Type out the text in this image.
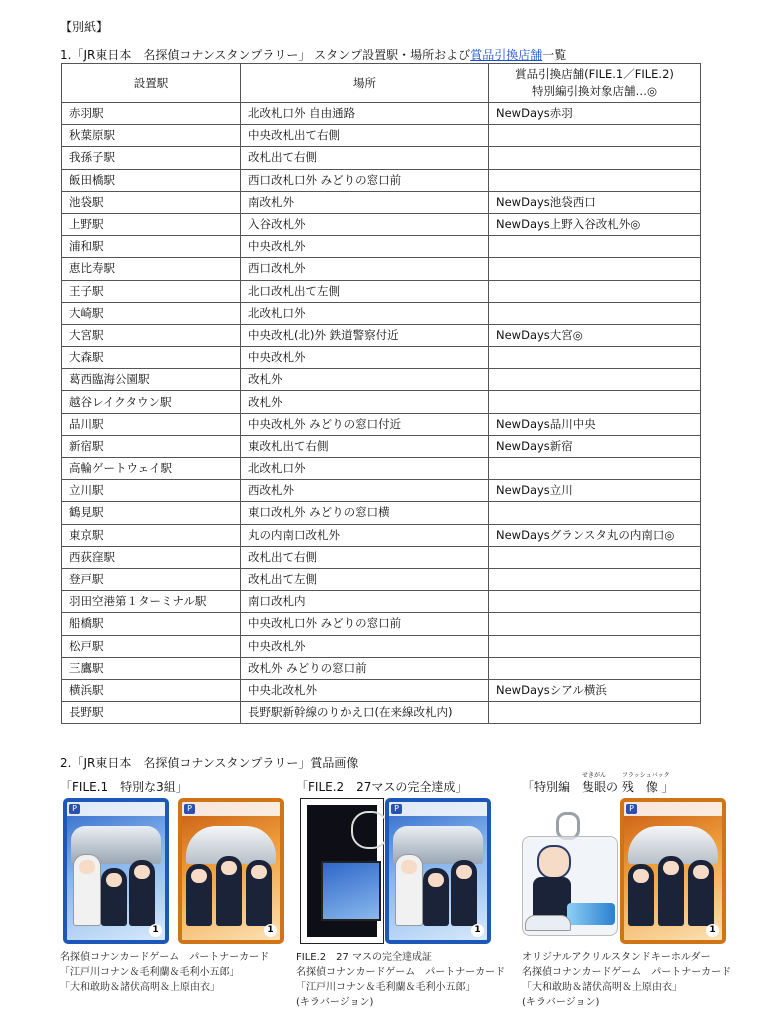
【別紙】
1.「JR東日本　名探偵コナンスタンプラリー」 スタンプ設置駅・場所および賞品引換店舗一覧
設置駅	場所	賞品引換店舗(FILE.1／FILE.2)
特別編引換対象店舗…◎

赤羽駅	北改札口外 自由通路	NewDays赤羽
秋葉原駅	中央改札出て右側	
我孫子駅	改札出て右側	
飯田橋駅	西口改札口外 みどりの窓口前	
池袋駅	南改札外	NewDays池袋西口
上野駅	入谷改札外	NewDays上野入谷改札外◎
浦和駅	中央改札外	
恵比寿駅	西口改札外	
王子駅	北口改札出て左側	
大崎駅	北改札口外	
大宮駅	中央改札(北)外 鉄道警察付近	NewDays大宮◎
大森駅	中央改札外	
葛西臨海公園駅	改札外	
越谷レイクタウン駅	改札外	
品川駅	中央改札外 みどりの窓口付近	NewDays品川中央
新宿駅	東改札出て右側	NewDays新宿
高輪ゲートウェイ駅	北改札口外	
立川駅	西改札外	NewDays立川
鶴見駅	東口改札外 みどりの窓口横	
東京駅	丸の内南口改札外	NewDaysグランスタ丸の内南口◎
西荻窪駅	改札出て右側	
登戸駅	改札出て左側	
羽田空港第１ターミナル駅	南口改札内	
船橋駅	中央改札口外 みどりの窓口前	
松戸駅	中央改札外	
三鷹駅	改札外 みどりの窓口前	
横浜駅	中央北改札外	NewDaysシアル横浜
長野駅	長野駅新幹線のりかえ口(在来線改札内)	
2.「JR東日本　名探偵コナンスタンプラリー」賞品画像
「FILE.1　特別な3組」
P
1
P
1
名探偵コナンカードゲーム　パートナーカード
「江戸川コナン＆毛利蘭＆毛利小五郎」
「大和敢助＆諸伏高明＆上原由衣」
「FILE.2　27マスの完全達成」
P
1
FILE.2　27 マスの完全達成証
名探偵コナンカードゲーム　パートナーカード
「江戸川コナン＆毛利蘭＆毛利小五郎」
(キラバージョン)
「特別編　
せきがん
隻眼の
フラッシュバック
残　像 」
P
1
オリジナルアクリルスタンドキーホルダー
名探偵コナンカードゲーム　パートナーカード
「大和敢助＆諸伏高明＆上原由衣」
(キラバージョン)
